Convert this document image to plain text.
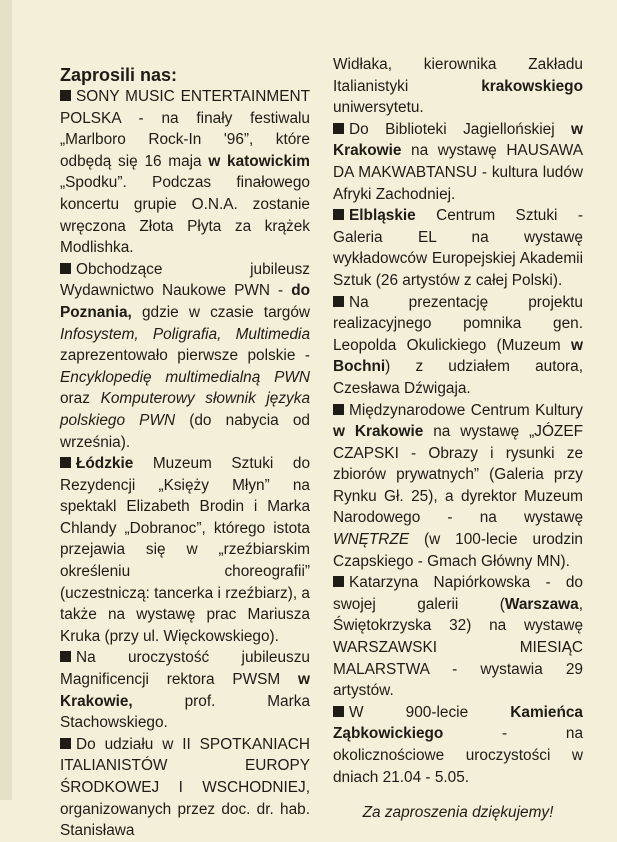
Zaprosili nas:

SONY MUSIC ENTERTAINMENT POLSKA - na finały festiwalu „Marlboro Rock-In '96”, które odbędą się 16 maja w katowickim „Spodku”. Podczas finałowego koncertu grupie O.N.A. zostanie wręczona Złota Płyta za krążek Modlishka.

Obchodzące jubileusz Wydawnictwo Naukowe PWN - do Poznania, gdzie w czasie targów Infosystem, Poligrafia, Multimedia zaprezentowało pierwsze polskie - Encyklopedię multimedialną PWN oraz Komputerowy słownik języka polskiego PWN (do nabycia od września).

Łódzkie Muzeum Sztuki do Rezydencji „Księży Młyn” na spektakl Elizabeth Brodin i Marka Chlandy „Dobranoc”, którego istota przejawia się w „rzeźbiarskim określeniu choreografii” (uczestniczą: tancerka i rzeźbiarz), a także na wystawę prac Mariusza Kruka (przy ul. Więckowskiego).

Na uroczystość jubileuszu Magnificencji rektora PWSM w Krakowie, prof. Marka Stachowskiego.

Do udziału w II SPOTKANIACH ITALIANISTÓW EUROPY ŚRODKOWEJ I WSCHODNIEJ, organizowanych przez doc. dr. hab. Stanisława

Widłaka, kierownika Zakładu Italianistyki krakowskiego uniwersytetu.

Do Biblioteki Jagiellońskiej w Krakowie na wystawę HAUSAWA DA MAKWABTANSU - kultura ludów Afryki Zachodniej.

Elbląskie Centrum Sztuki - Galeria EL na wystawę wykładowców Europejskiej Akademii Sztuk (26 artystów z całej Polski).

Na prezentację projektu realizacyjnego pomnika gen. Leopolda Okulickiego (Muzeum w Bochni) z udziałem autora, Czesława Dźwigaja.

Międzynarodowe Centrum Kultury w Krakowie na wystawę „JÓZEF CZAPSKI - Obrazy i rysunki ze zbiorów prywatnych” (Galeria przy Rynku Gł. 25), a dyrektor Muzeum Narodowego - na wystawę WNĘTRZE (w 100-lecie urodzin Czapskiego - Gmach Główny MN).

Katarzyna Napiórkowska - do swojej galerii (Warszawa, Świętokrzyska 32) na wystawę WARSZAWSKI MIESIĄC MALARSTWA - wystawia 29 artystów.

W 900-lecie Kamieńca Ząbkowickiego - na okolicznościowe uroczystości w dniach 21.04 - 5.05.

Za zaproszenia dziękujemy!
